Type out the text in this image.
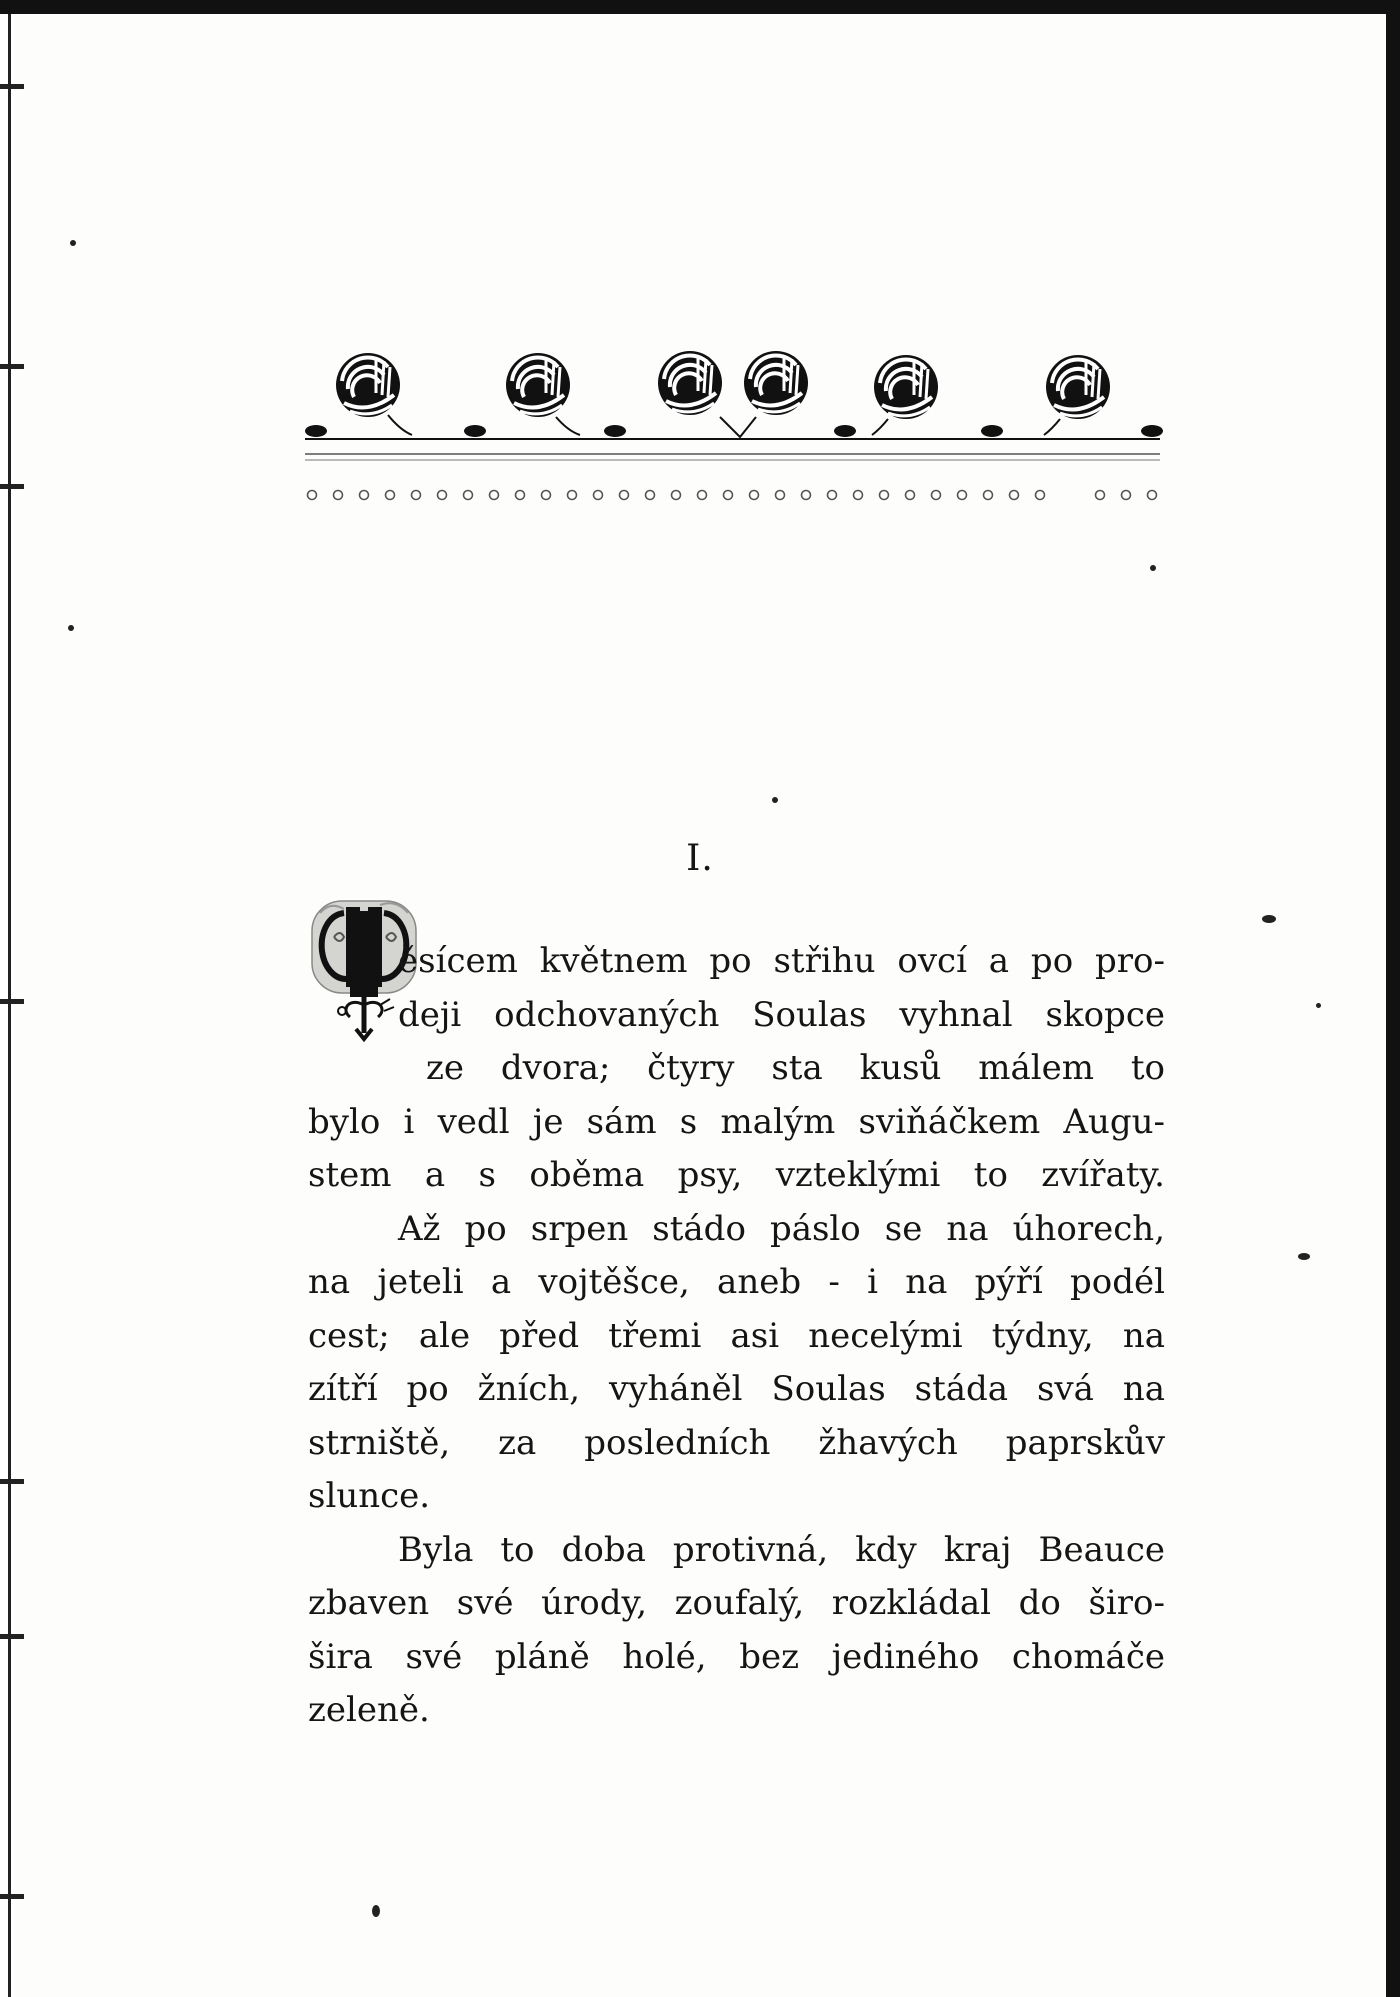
I.
ěsícem květnem po střihu ovcí a po pro-
deji odchovaných Soulas vyhnal skopce
ze dvora; čtyry sta kusů málem to
bylo i vedl je sám s malým sviňáčkem Augu-
stem a s oběma psy, vzteklými to zvířaty.
Až po srpen stádo páslo se na úhorech,
na jeteli a vojtěšce, aneb - i na pýří podél
cest; ale před třemi asi necelými týdny, na
zítří po žních, vyháněl Soulas stáda svá na
strniště, za posledních žhavých paprskův
slunce.
Byla to doba protivná, kdy kraj Beauce
zbaven své úrody, zoufalý, rozkládal do širo-
šira své pláně holé, bez jediného chomáče
zeleně.
